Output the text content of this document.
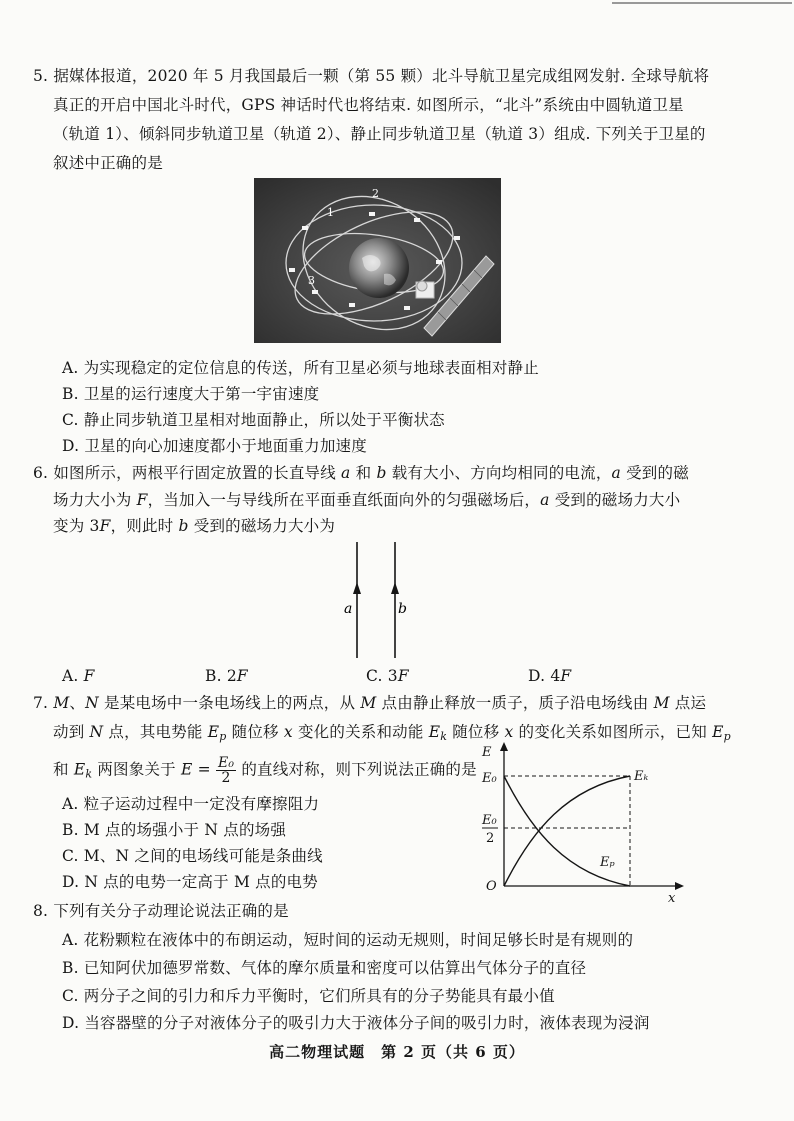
5. 据媒体报道，2020 年 5 月我国最后一颗（第 55 颗）北斗导航卫星完成组网发射. 全球导航将
真正的开启中国北斗时代，GPS 神话时代也将结束. 如图所示，“北斗”系统由中圆轨道卫星
（轨道 1）、倾斜同步轨道卫星（轨道 2）、静止同步轨道卫星（轨道 3）组成. 下列关于卫星的
叙述中正确的是
2
1
3
A. 为实现稳定的定位信息的传送，所有卫星必须与地球表面相对静止
B. 卫星的运行速度大于第一宇宙速度
C. 静止同步轨道卫星相对地面静止，所以处于平衡状态
D. 卫星的向心加速度都小于地面重力加速度
6. 如图所示，两根平行固定放置的长直导线 a 和 b 载有大小、方向均相同的电流，a 受到的磁
场力大小为 F，当加入一与导线所在平面垂直纸面向外的匀强磁场后，a 受到的磁场力大小
变为 3F，则此时 b 受到的磁场力大小为
a	b
A. F	B. 2F	C. 3F	D. 4F
7. M、N 是某电场中一条电场线上的两点，从 M 点由静止释放一质子，质子沿电场线由 M 点运
动到 N 点，其电势能 $E_p$ 随位移 x 变化的关系和动能 $E_k$ 随位移 x 的变化关系如图所示，已知 $E_p$
和 $E_k$ 两图象关于 $E = \frac{\text{E₀}}{2}$ 的直线对称，则下列说法正确的是
A. 粒子运动过程中一定没有摩擦阻力
B. M 点的场强小于 N 点的场强
C. M、N 之间的电场线可能是条曲线
D. N 点的电势一定高于 M 点的电势
E
x
O
E₀
E₀
Eₖ
Eₚ
2
8. 下列有关分子动理论说法正确的是
A. 花粉颗粒在液体中的布朗运动，短时间的运动无规则，时间足够长时是有规则的
B. 已知阿伏加德罗常数、气体的摩尔质量和密度可以估算出气体分子的直径
C. 两分子之间的引力和斥力平衡时，它们所具有的分子势能具有最小值
D. 当容器壁的分子对液体分子的吸引力大于液体分子间的吸引力时，液体表现为浸润
高二物理试题　第 2 页（共 6 页）
